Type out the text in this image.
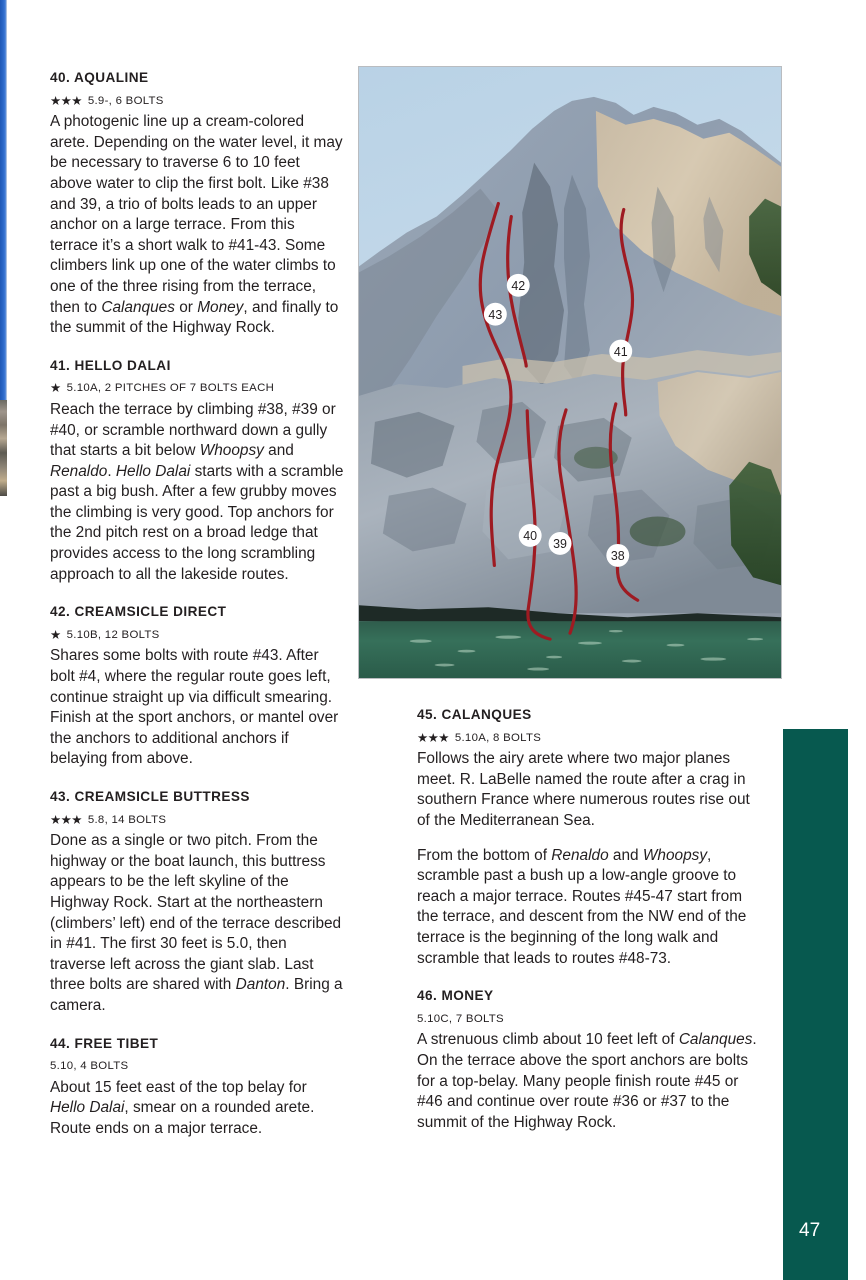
40. AQUALINE
★★★ 5.9-, 6 BOLTS

A photogenic line up a cream-colored arete. Depending on the water level, it may be necessary to traverse 6 to 10 feet above water to clip the first bolt. Like #38 and 39, a trio of bolts leads to an upper anchor on a large terrace. From this terrace it’s a short walk to #41-43. Some climbers link up one of the water climbs to one of the three rising from the terrace, then to Calanques or Money, and finally to the summit of the Highway Rock.

41. HELLO DALAI
★ 5.10A, 2 PITCHES OF 7 BOLTS EACH

Reach the terrace by climbing #38, #39 or #40, or scramble northward down a gully that starts a bit below Whoopsy and Renaldo. Hello Dalai starts with a scramble past a big bush. After a few grubby moves the climbing is very good. Top anchors for the 2nd pitch rest on a broad ledge that provides access to the long scrambling approach to all the lakeside routes.

42. CREAMSICLE DIRECT
★ 5.10B, 12 BOLTS

Shares some bolts with route #43. After bolt #4, where the regular route goes left, continue straight up via difficult smearing. Finish at the sport anchors, or mantel over the anchors to additional anchors if belaying from above.

43. CREAMSICLE BUTTRESS
★★★ 5.8, 14 BOLTS

Done as a single or two pitch. From the highway or the boat launch, this buttress appears to be the left skyline of the Highway Rock. Start at the northeastern (climbers’ left) end of the terrace described in #41. The first 30 feet is 5.0, then traverse left across the giant slab. Last three bolts are shared with Danton. Bring a camera.

44. FREE TIBET
5.10, 4 BOLTS

About 15 feet east of the top belay for Hello Dalai, smear on a rounded arete. Route ends on a major terrace.

45. CALANQUES
★★★ 5.10A, 8 BOLTS

Follows the airy arete where two major planes meet. R. LaBelle named the route after a crag in southern France where numerous routes rise out of the Mediterranean Sea.

From the bottom of Renaldo and Whoopsy, scramble past a bush up a low-angle groove to reach a major terrace. Routes #45-47 start from the terrace, and descent from the NW end of the terrace is the beginning of the long walk and scramble that leads to routes #48-73.

46. MONEY
5.10C, 7 BOLTS

A strenuous climb about 10 feet left of Calanques. On the terrace above the sport anchors are bolts for a top-belay. Many people finish route #45 or #46 and continue over route #36 or #37 to the summit of the Highway Rock.

42
43
41
40
39
38
HIGHWAY ROCK
47
